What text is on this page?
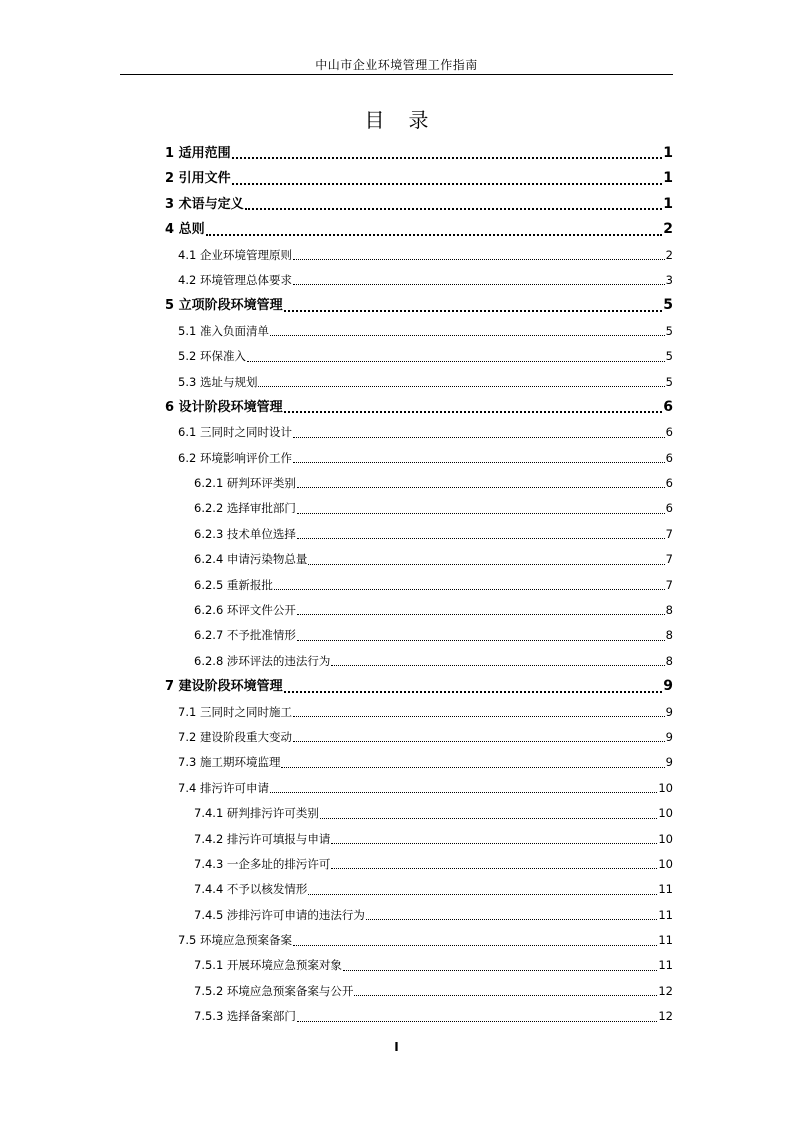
中山市企业环境管理工作指南
目录
1 适用范围	1
2 引用文件	1
3 术语与定义	1
4 总则	2
4.1 企业环境管理原则	2
4.2 环境管理总体要求	3
5 立项阶段环境管理	5
5.1 准入负面清单	5
5.2 环保准入	5
5.3 选址与规划	5
6 设计阶段环境管理	6
6.1 三同时之同时设计	6
6.2 环境影响评价工作	6
6.2.1 研判环评类别	6
6.2.2 选择审批部门	6
6.2.3 技术单位选择	7
6.2.4 申请污染物总量	7
6.2.5 重新报批	7
6.2.6 环评文件公开	8
6.2.7 不予批准情形	8
6.2.8 涉环评法的违法行为	8
7 建设阶段环境管理	9
7.1 三同时之同时施工	9
7.2 建设阶段重大变动	9
7.3 施工期环境监理	9
7.4 排污许可申请	10
7.4.1 研判排污许可类别	10
7.4.2 排污许可填报与申请	10
7.4.3 一企多址的排污许可	10
7.4.4 不予以核发情形	11
7.4.5 涉排污许可申请的违法行为	11
7.5 环境应急预案备案	11
7.5.1 开展环境应急预案对象	11
7.5.2 环境应急预案备案与公开	12
7.5.3 选择备案部门	12
I
